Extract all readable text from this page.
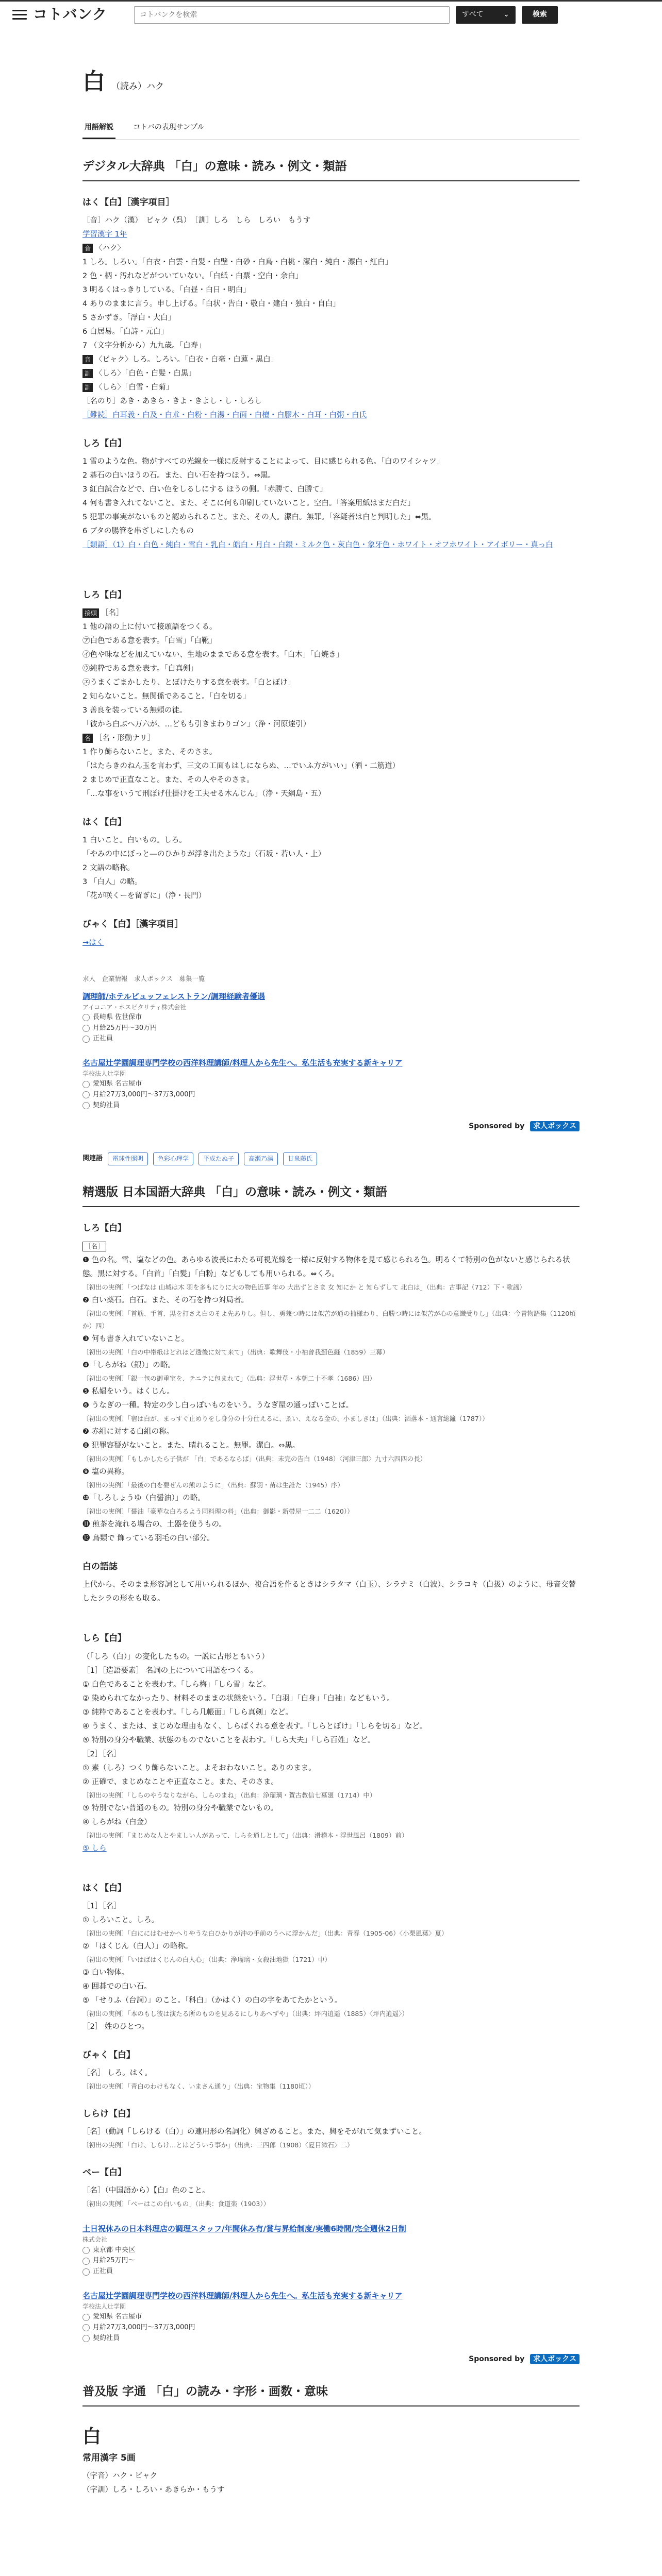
コトバンク
コトバンクを検索	すべて	⌄	検索
白 （読み）ハク
用語解説	コトバの表現サンプル
デジタル大辞典 「白」の意味・読み・例文・類語
はく【白】［漢字項目］
［音］ハク（漢）　ビャク（呉）　［訓］しろ　しら　しろい　もうす
学習漢字 1年
音 〈ハク〉
1 しろ。しろい。「白衣・白雲・白髪・白壁・白砂・白鳥・白桃・潔白・純白・漂白・紅白」
2 色・柄・汚れなどがついていない。「白紙・白票・空白・余白」
3 明るくはっきりしている。「白昼・白日・明白」
4 ありのままに言う。申し上げる。「白状・告白・敬白・建白・独白・自白」
5 さかずき。「浮白・大白」
6 白居易。「白詩・元白」
7 （文字分析から）九九歳。「白寿」
音 〈ビャク〉しろ。しろい。「白衣・白毫・白蓮・黒白」
訓 〈しろ〉「白色・白髪・白黒」
訓 〈しら〉「白雪・白菊」
［名のり］あき・あきら・きよ・きよし・し・しろし
［難読］白耳義・白及・白朮・白粉・白湯・白面・白檀・白膠木・白耳・白粥・白氏
しろ【白】
1 雪のような色。物がすべての光線を一様に反射することによって、目に感じられる色。「白のワイシャツ」
2 碁石の白いほうの石。また、白い石を持つほう。⇔黒。
3 紅白試合などで、白い色をしるしにする ほうの側。「赤勝て、白勝て」
4 何も書き入れてないこと。また、そこに何も印刷していないこと。空白。「答案用紙はまだ白だ」
5 犯罪の事実がないものと認められること。また、その人。潔白。無罪。「容疑者は白と判明した」⇔黒。
6 ブタの腸管を串ざしにしたもの
［類語］（1）白・白色・純白・雪白・乳白・皓白・月白・白銀・ミルク色・灰白色・象牙色・ホワイト・オフホワイト・アイボリー・真っ白
しろ【白】
接頭 ［名］
1 他の語の上に付いて接頭語をつくる。
㋐白色である意を表す。「白雪」「白靴」
㋑色や味などを加えていない、生地のままである意を表す。「白木」「白焼き」
㋒純粋である意を表す。「白真剣」
㋓うまくごまかしたり、とぼけたりする意を表す。「白とぼけ」
2 知らないこと。無関係であること。「白を切る」
3 善良を装っている無頼の徒。
「彼から白ぶへ万六が、…どもも引きまわりゴン」（浄・河原達引）
名 ［名・形動ナリ］
1 作り飾らないこと。また、そのさま。
「はたらきのねん玉を言わず、三文の工面もはしにならぬ、…でいふ方がいい」（洒・二筋道）
2 まじめで正直なこと。また、その人やそのさま。
「…な事をいうて刑ぽげ仕掛けを工夫せる木んじん」（浄・天網島・五）
はく【白】
1 白いこと。白いもの。しろ。
「やみの中にぼっと―のひかりが浮き出たような」（石坂・若い人・上）
2 文語の略称。
3 「白人」の略。
「花が咲くーを留ぎに」（浄・長門）
びゃく【白】［漢字項目］
→はく
求人　企業情報　求人ボックス　募集一覧
調理師/ホテルビュッフェレストラン/調理経験者優遇
アイコニア・ホスピタリティ株式会社
長崎県 佐世保市
月給25万円〜30万円
正社員
名古屋辻学園調理専門学校の西洋料理講師/料理人から先生へ。私生活も充実する新キャリア
学校法人辻学園
愛知県 名古屋市
月給27万3,000円〜37万3,000円
契約社員
Sponsored by 求人ボックス
関連語	電球性照明	色彩心理学	平成たぬ子	高瀬乃湯	甘泉藤氏
精選版 日本国語大辞典 「白」の意味・読み・例文・類語
しろ【白】
［名］
❶ 色の名。雪、塩などの色。あらゆる波長にわたる可視光線を一様に反射する物体を見て感じられる色。明るくて特別の色がないと感じられる状態。黒に対する。「白首」「白髪」「白粉」などもしても用いられる。⇔くろ。
〔初出の実例〕「つばなは 山城は木 羽を多もにりに大の物色近事 年の 大出ずとさま 女 知にか と 知らずして 北白は」（出典：古事記（712）下・歌謡）
❷ 白い薬石。白石。また、その石を持つ対局者。
〔初出の実例〕「首筋、手首、黒を打さえ白のそよ先ありし。但し、勇兼つ時には似苦が通の抽様わり、白勝つ時には似苦が心の意識受りし」（出典：今昔物語集（1120頃か）四）
❸ 何も書き入れていないこと。
〔初出の実例〕「白の中帯紙はどれほど透後に対て来て」（出典：歌舞伎・小袖曾我薊色縫（1859）三幕）
❹「しらがね（銀）」の略。
〔初出の実例〕「銀一包の御重宝を、テニテに包まれて」（出典：浮世草・本朝二十不孝（1686）四）
❺ 私娼をいう。はくじん。
❻ うなぎの一種。特定の少し白っぽいものをいう。うなぎ屋の通っぽいことば。
〔初出の実例〕「宿は白が、まっすぐ止めりをし身分の十分仕えるに、ゑい、えなる金の、小ましきは」（出典：洒落本・通言総籬（1787））
❼ 赤組に対する白組の称。
❽ 犯罪容疑がないこと。また、晴れること。無罪。潔白。⇔黒。
〔初出の実例〕「もしかしたら子供が 「白」であるならば」（出典：未完の告白（1948）〈河津三郎〉九寸六四四の長）
❾ 塩の異称。
〔初出の実例〕「最後の白を要ぜんの熊のように」（出典：蘇羽・苗は生誰た（1945）序）
❿「しろしょうゆ（白醤油）」の略。
〔初出の実例〕「醤油「豪華な白ろるよう同料理の料」（出典：御影・新帯屋一二二（1620））
⓫ 煎茶を淹れる場合の、土器を使うもの。
⓬ 鳥類で 飾っている羽毛の白い部分。
白の語誌
上代から、そのまま形容詞として用いられるほか、複合語を作るときはシラタマ（白玉）、シラナミ（白波）、シラコキ（白扱）のように、母音交替したシラの形をも取る。
しら【白】
（「しろ（白）」の変化したもの。一説に古形ともいう）
［1］［造語要素］ 名詞の上について用語をつくる。
① 白色であることを表わす。「しら梅」「しら雪」など。
② 染められてなかったり、材料そのままの状態をいう。「白羽」「白身」「白袖」などもいう。
③ 純粋であることを表わす。「しら几帳面」「しら真剣」など。
④ うまく、または、まじめな理由もなく、しらばくれる意を表す。「しらとぼけ」「しらを切る」など。
⑤ 特別の身分や職業、状態のものでないことを表わす。「しら大夫」「しら百姓」など。
［2］［名］
① 素（しろ）つくり飾らないこと。よそおわないこと。ありのまま。
② 正確で、まじめなことや正直なこと。また、そのさま。
〔初出の実例〕「しらのやうなりながら、しらのまね」（出典：浄瑠璃・賀古教信七墓廻（1714）中）
③ 特別でない普通のもの。特別の身分や職業でないもの。
④ しらがね（白金）
〔初出の実例〕「まじめな人とやましい人があって、しらを通しとして」（出典：滑稽本・浮世風呂（1809）前）
⑤ しら
はく【白】
［1］［名］
① しろいこと。しろ。
〔初出の実例〕「白ににはむせかへりやうな白ひかりが沖の手前のうへに浮かんだ」（出典：青春（1905-06）〈小栗風葉〉夏）
② 「はくじん（白人）」の略称。
〔初出の実例〕「いはばはくじんの白人心」（出典：浄瑠璃・女殺油地獄（1721）中）
③ 白い物体。
④ 囲碁での白い石。
⑤ 「せりふ（台詞）」のこと。「科白」（かはく）の白の字をあてたかという。
〔初出の実例〕「本のもし彼は演たる所のものを見あるにしりあへずや」（出典：坪内逍遥（1885）〈坪内逍遥〉）
［2］ 姓のひとつ。
びゃく【白】
［名］ しろ。はく。
〔初出の実例〕「青白のわけもなく、いまさん通り」（出典：宝物集（1180頃））
しらけ【白】
［名］（動詞「しらける（白）」の連用形の名詞化）興ざめること。また、興をそがれて気まずいこと。
〔初出の実例〕「白け、しらけ…とはどういう事か」（出典：三四郎（1908）〈夏目漱石〉二）
ベー【白】
［名］（中国語から）【白』色のこと。
〔初出の実例〕「ベーはこの白いもの」（出典：食道楽（1903））
土日祝休みの日本料理店の調理スタッフ/年間休み有/賞与昇給制度/実働6時間/完全週休2日制
株式会社
東京都 中央区
月給25万円〜
正社員
名古屋辻学園調理専門学校の西洋料理講師/料理人から先生へ。私生活も充実する新キャリア
学校法人辻学園
愛知県 名古屋市
月給27万3,000円〜37万3,000円
契約社員
Sponsored by 求人ボックス
普及版 字通 「白」の読み・字形・画数・意味
白
常用漢字 5画
（字音）ハク・ビャク
（字訓）しろ・しろい・あきらか・もうす
